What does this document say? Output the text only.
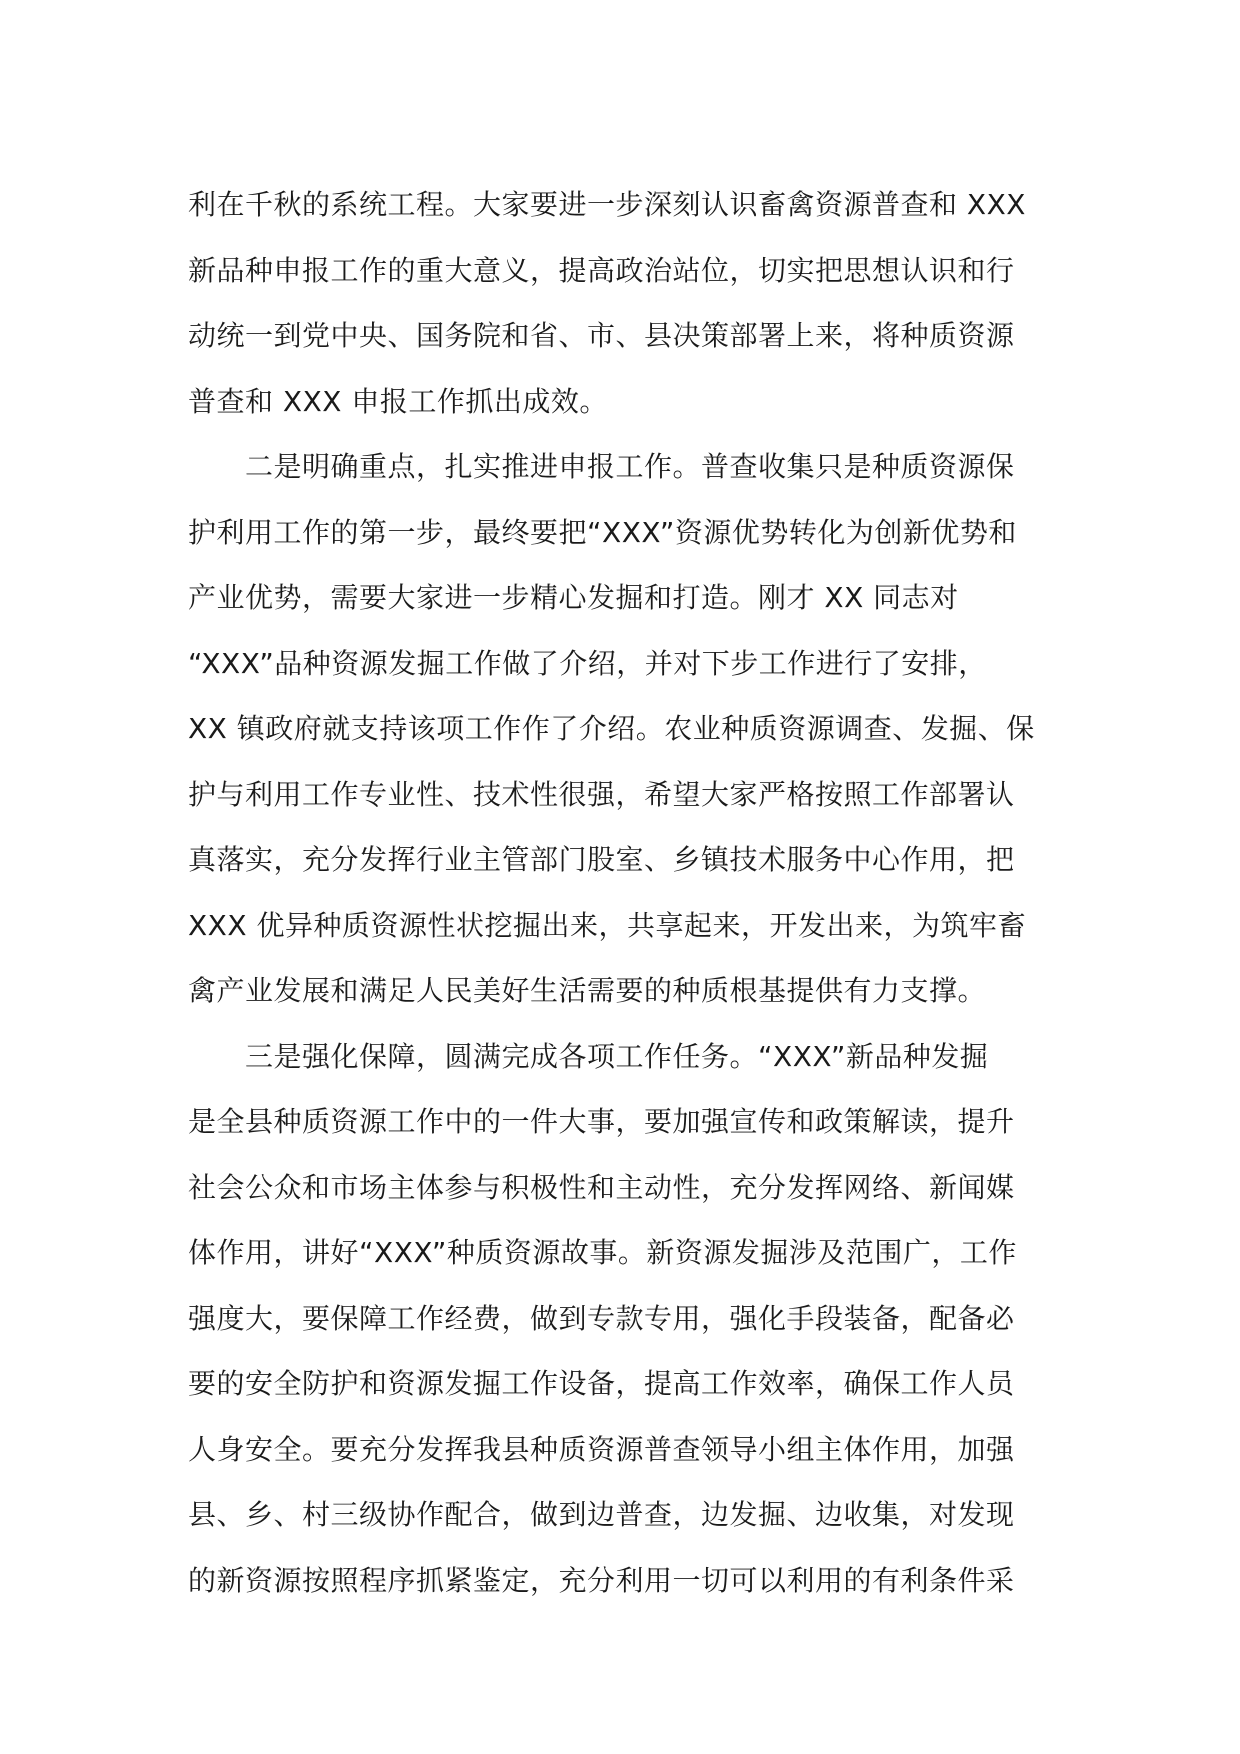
利在千秋的系统工程。大家要进一步深刻认识畜禽资源普查和 XXX
新品种申报工作的重大意义，提高政治站位，切实把思想认识和行
动统一到党中央、国务院和省、市、县决策部署上来，将种质资源
普查和 XXX 申报工作抓出成效。
　　二是明确重点，扎实推进申报工作。普查收集只是种质资源保
护利用工作的第一步，最终要把“XXX”资源优势转化为创新优势和
产业优势，需要大家进一步精心发掘和打造。刚才 XX 同志对
“XXX”品种资源发掘工作做了介绍，并对下步工作进行了安排，
XX 镇政府就支持该项工作作了介绍。农业种质资源调查、发掘、保
护与利用工作专业性、技术性很强，希望大家严格按照工作部署认
真落实，充分发挥行业主管部门股室、乡镇技术服务中心作用，把
XXX 优异种质资源性状挖掘出来，共享起来，开发出来，为筑牢畜
禽产业发展和满足人民美好生活需要的种质根基提供有力支撑。
　　三是强化保障，圆满完成各项工作任务。“XXX”新品种发掘
是全县种质资源工作中的一件大事，要加强宣传和政策解读，提升
社会公众和市场主体参与积极性和主动性，充分发挥网络、新闻媒
体作用，讲好“XXX”种质资源故事。新资源发掘涉及范围广，工作
强度大，要保障工作经费，做到专款专用，强化手段装备，配备必
要的安全防护和资源发掘工作设备，提高工作效率，确保工作人员
人身安全。要充分发挥我县种质资源普查领导小组主体作用，加强
县、乡、村三级协作配合，做到边普查，边发掘、边收集，对发现
的新资源按照程序抓紧鉴定，充分利用一切可以利用的有利条件采
